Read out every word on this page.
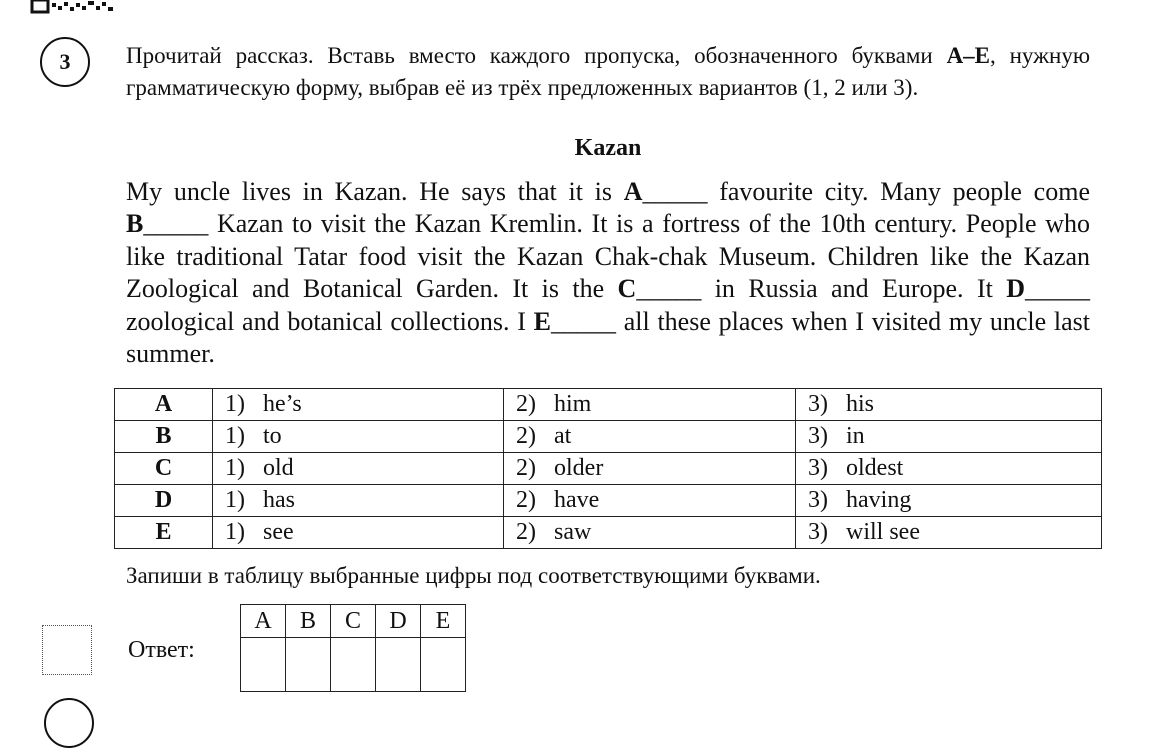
3 Прочитай рассказ. Вставь вместо каждого пропуска, обозначенного буквами A–E, нужную грамматическую форму, выбрав её из трёх предложенных вариантов (1, 2 или 3).
Kazan
My uncle lives in Kazan. He says that it is A_____ favourite city. Many people come B_____ Kazan to visit the Kazan Kremlin. It is a fortress of the 10th century. People who like traditional Tatar food visit the Kazan Chak-chak Museum. Children like the Kazan Zoological and Botanical Garden. It is the C_____ in Russia and Europe. It D_____ zoological and botanical collections. I E_____ all these places when I visited my uncle last summer.
A	1) he’s	2) him	3) his
B	1) to	2) at	3) in
C	1) old	2) older	3) oldest
D	1) has	2) have	3) having
E	1) see	2) saw	3) will see
Запиши в таблицу выбранные цифры под соответствующими буквами.
Ответ:
A	B	C	D	E
